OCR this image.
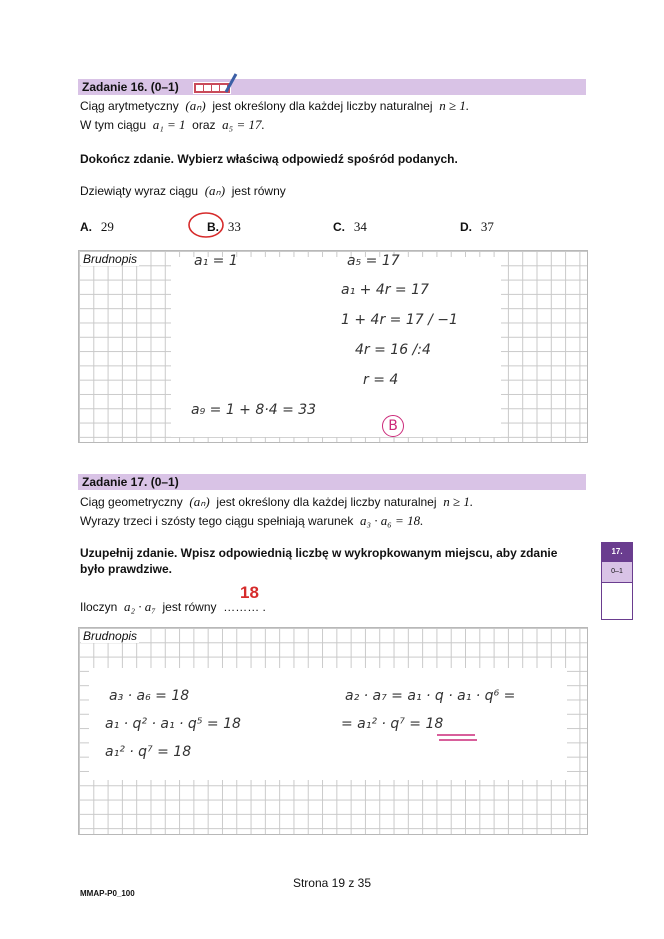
Zadanie 16. (0–1)
Ciąg arytmetyczny (aₙ) jest określony dla każdej liczby naturalnej n ≥ 1.
W tym ciągu a₁ = 1 oraz a₅ = 17.
Dokończ zdanie. Wybierz właściwą odpowiedź spośród podanych.
Dziewiąty wyraz ciągu (aₙ) jest równy
A. 29	B. 33	C. 34	D. 37
Brudnopis	a₁ = 1	a₅ = 17
a₁ + 4r = 17
1 + 4r = 17 / −1
4r = 16 /:4
r = 4
a₉ = 1 + 8·4 = 33
B
Zadanie 17. (0–1)
Ciąg geometryczny (aₙ) jest określony dla każdej liczby naturalnej n ≥ 1.
Wyrazy trzeci i szósty tego ciągu spełniają warunek a₃ · a₆ = 18.
Uzupełnij zdanie. Wpisz odpowiednią liczbę w wykropkowanym miejscu, aby zdanie
było prawdziwe.
Iloczyn a₂ · a₇ jest równy ……… .
18
17.
0–1
Brudnopis
a₃ · a₆ = 18
a₁ · q² · a₁ · q⁵ = 18
a₁² · q⁷ = 18
a₂ · a₇ = a₁ · q · a₁ · q⁶ =
= a₁² · q⁷ = 18
Strona 19 z 35
MMAP-P0_100
